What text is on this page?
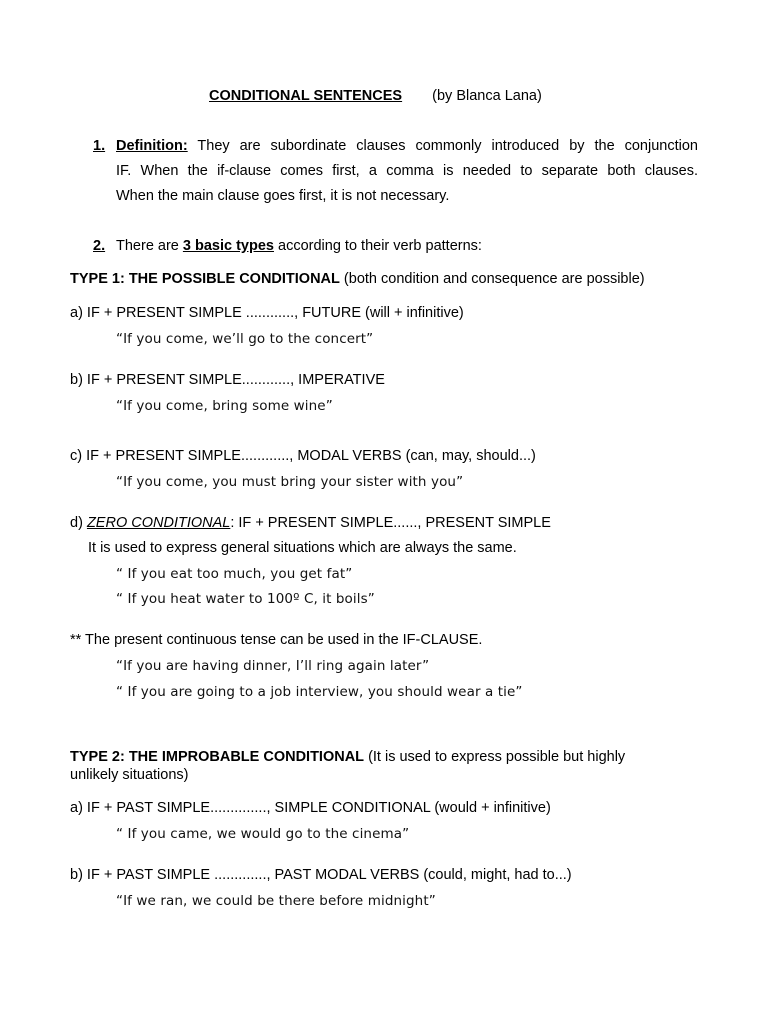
CONDITIONAL SENTENCES (by Blanca Lana)
1. Definition: They are subordinate clauses commonly introduced by the conjunction
IF. When the if-clause comes first, a comma is needed to separate both clauses.
When the main clause goes first, it is not necessary.
2. There are 3 basic types according to their verb patterns:
TYPE 1: THE POSSIBLE CONDITIONAL (both condition and consequence are possible)
a) IF + PRESENT SIMPLE ............, FUTURE (will + infinitive)
“If you come, we’ll go to the concert”
b) IF + PRESENT SIMPLE............, IMPERATIVE
“If you come, bring some wine”
c) IF + PRESENT SIMPLE............, MODAL VERBS (can, may, should...)
“If you come, you must bring your sister with you”
d) ZERO CONDITIONAL: IF + PRESENT SIMPLE......, PRESENT SIMPLE
It is used to express general situations which are always the same.
“ If you eat too much, you get fat”
“ If you heat water to 100º C, it boils”
** The present continuous tense can be used in the IF-CLAUSE.
“If you are having dinner, I’ll ring again later”
“ If you are going to a job interview, you should wear a tie”
TYPE 2: THE IMPROBABLE CONDITIONAL (It is used to express possible but highly
unlikely situations)
a) IF + PAST SIMPLE.............., SIMPLE CONDITIONAL (would + infinitive)
“ If you came, we would go to the cinema”
b) IF + PAST SIMPLE ............., PAST MODAL VERBS (could, might, had to...)
“If we ran, we could be there before midnight”
